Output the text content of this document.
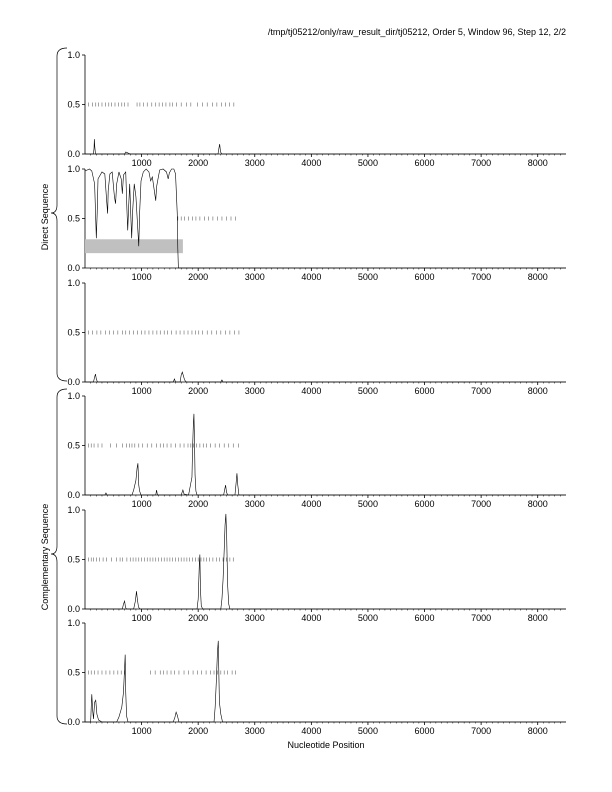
/tmp/tj05212/only/raw_result_dir/tj05212, Order 5, Window 96, Step 12, 2/2
0.0
0.5
1.0
1000	2000	3000	4000	5000	6000	7000	8000
0.0
0.5
1.0
1000	2000	3000	4000	5000	6000	7000	8000
0.0
0.5
1.0
1000	2000	3000	4000	5000	6000	7000	8000
0.0
0.5
1.0
1000	2000	3000	4000	5000	6000	7000	8000
0.0
0.5
1.0
1000	2000	3000	4000	5000	6000	7000	8000
0.0
0.5
1.0
1000	2000	3000	4000	5000	6000	7000	8000
Direct Sequence
Complementary Sequence
Nucleotide Position
